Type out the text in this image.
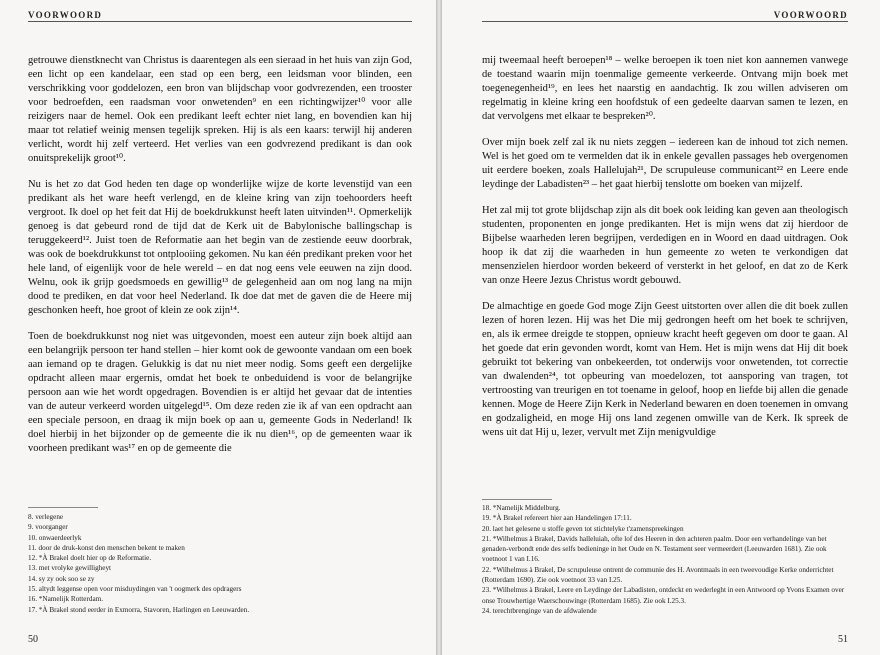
VOORWOORD

getrouwe dienstknecht van Christus is daarentegen als een sieraad in het huis van zijn God, een licht op een kandelaar, een stad op een berg, een leidsman voor blinden, een verschrikking voor goddelozen, een bron van blijdschap voor godvrezenden, een trooster voor bedroefden, een raadsman voor onwetenden⁹ en een richtingwijzer¹⁰ voor alle reizigers naar de hemel. Ook een predikant leeft echter niet lang, en bovendien kan hij maar tot relatief weinig mensen tegelijk spreken. Hij is als een kaars: terwijl hij anderen verlicht, wordt hij zelf verteerd. Het verlies van een godvrezend predikant is dan ook onuitsprekelijk groot¹⁰.

Nu is het zo dat God heden ten dage op wonderlijke wijze de korte levenstijd van een predikant als het ware heeft verlengd, en de kleine kring van zijn toehoorders heeft vergroot. Ik doel op het feit dat Hij de boekdrukkunst heeft laten uitvinden¹¹. Opmerkelijk genoeg is dat gebeurd rond de tijd dat de Kerk uit de Babylonische ballingschap is teruggekeerd¹². Juist toen de Reformatie aan het begin van de zestiende eeuw doorbrak, was ook de boekdrukkunst tot ontplooiing gekomen. Nu kan één predikant preken voor het hele land, of eigenlijk voor de hele wereld – en dat nog eens vele eeuwen na zijn dood. Welnu, ook ik grijp goedsmoeds en gewillig¹³ de gelegenheid aan om nog lang na mijn dood te prediken, en dat voor heel Nederland. Ik doe dat met de gaven die de Heere mij geschonken heeft, hoe groot of klein ze ook zijn¹⁴.

Toen de boekdrukkunst nog niet was uitgevonden, moest een auteur zijn boek altijd aan een belangrijk persoon ter hand stellen – hier komt ook de gewoonte vandaan om een boek aan iemand op te dragen. Gelukkig is dat nu niet meer nodig. Soms geeft een dergelijke opdracht alleen maar ergernis, omdat het boek te onbeduidend is voor de belangrijke persoon aan wie het wordt opgedragen. Bovendien is er altijd het gevaar dat de intenties van de auteur verkeerd worden uitgelegd¹⁵. Om deze reden zie ik af van een opdracht aan een speciale persoon, en draag ik mijn boek op aan u, gemeente Gods in Nederland! Ik doel hierbij in het bijzonder op de gemeente die ik nu dien¹⁶, op de gemeenten waar ik voorheen predikant was¹⁷ en op de gemeente die

8. verlegene
9. voorganger
10. onwaerdeerlyk
11. door de druk-konst den menschen bekent te maken
12. *À Brakel doelt hier op de Reformatie.
13. met vrolyke gewilligheyt
14. sy zy ook soo se zy
15. altydt leggense open voor misduydingen van 't oogmerk des opdragers
16. *Namelijk Rotterdam.
17. *À Brakel stond eerder in Exmorra, Stavoren, Harlingen en Leeuwarden.
50
VOORWOORD

mij tweemaal heeft beroepen¹⁸ – welke beroepen ik toen niet kon aannemen vanwege de toestand waarin mijn toenmalige gemeente verkeerde. Ontvang mijn boek met toegenegenheid¹⁹, en lees het naarstig en aandachtig. Ik zou willen adviseren om regelmatig in kleine kring een hoofdstuk of een gedeelte daarvan samen te lezen, en dat vervolgens met elkaar te bespreken²⁰.

Over mijn boek zelf zal ik nu niets zeggen – iedereen kan de inhoud tot zich nemen. Wel is het goed om te vermelden dat ik in enkele gevallen passages heb overgenomen uit eerdere boeken, zoals Hallelujah²¹, De scrupuleuse communicant²² en Leere ende leydinge der Labadisten²³ – het gaat hierbij tenslotte om boeken van mijzelf.

Het zal mij tot grote blijdschap zijn als dit boek ook leiding kan geven aan theologisch studenten, proponenten en jonge predikanten. Het is mijn wens dat zij hierdoor de Bijbelse waarheden leren begrijpen, verdedigen en in Woord en daad uitdragen. Ook hoop ik dat zij die waarheden in hun gemeente zo weten te verkondigen dat mensenzielen hierdoor worden bekeerd of versterkt in het geloof, en dat zo de Kerk van onze Heere Jezus Christus wordt gebouwd.

De almachtige en goede God moge Zijn Geest uitstorten over allen die dit boek zullen lezen of horen lezen. Hij was het Die mij gedrongen heeft om het boek te schrijven, en, als ik ermee dreigde te stoppen, opnieuw kracht heeft gegeven om door te gaan. Al het goede dat erin gevonden wordt, komt van Hem. Het is mijn wens dat Hij dit boek gebruikt tot bekering van onbekeerden, tot onderwijs voor onwetenden, tot correctie van dwalenden²⁴, tot opbeuring van moedelozen, tot aansporing van tragen, tot vertroosting van treurigen en tot toename in geloof, hoop en liefde bij allen die genade kennen. Moge de Heere Zijn Kerk in Nederland bewaren en doen toenemen in omvang en godzaligheid, en moge Hij ons land zegenen omwille van de Kerk. Ik spreek de wens uit dat Hij u, lezer, vervult met Zijn menigvuldige

18. *Namelijk Middelburg.
19. *À Brakel refereert hier aan Handelingen 17:11.
20. laet het gelesene u stoffe geven tot stichtelyke t'zamenspreekingen
21. *Wilhelmus à Brakel, Davids halleluiah, ofte lof des Heeren in den achteren paalm. Door een verhandelinge van het genaden-verbondt ende des selfs bedieninge in het Oude en N. Testament seer vermeerdert (Leeuwarden 1681). Zie ook voetnoot 1 van I.16.
22. *Wilhelmus à Brakel, De scrupuleuse ontrent de communie des H. Avontmaals in een tweevoudige Kerke onderrichtet (Rotterdam 1690). Zie ook voetnoot 33 van I.25.
23. *Wilhelmus à Brakel, Leere en Leydinge der Labadisten, ontdeckt en wederleght in een Antwoord op Yvons Examen over onse Trouwhertige Waerschouwinge (Rotterdam 1685). Zie ook I.25.3.
24. terechtbrenginge van de afdwalende
51
